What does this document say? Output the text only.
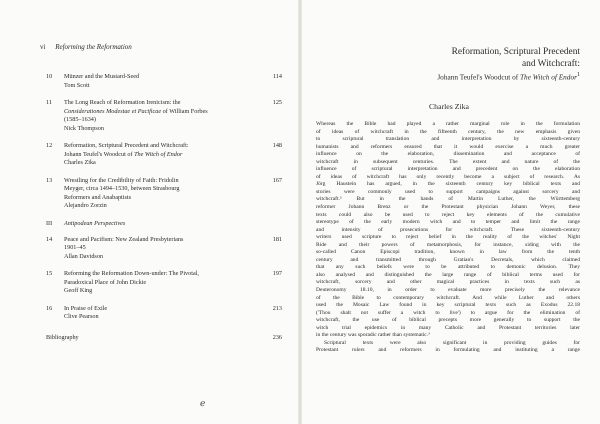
vi Reforming the Reformation
10 Münzer and the Mustard-Seed
Tom Scott
114
11 The Long Reach of Reformation Irenicism: the
Considerationes Modestae et Pacificae of William Forbes
(1585–1634)
Nick Thompson
125
12 Reformation, Scriptural Precedent and Witchcraft:
Johann Teufel's Woodcut of The Witch of Endor
Charles Zika
148
13 Wrestling for the Credibility of Faith: Fridolin
Meyger, circa 1494–1530, between Strasbourg
Reformers and Anabaptists
Alejandro Zorzin
167
III Antipodean Perspectives
14 Peace and Pacifism: New Zealand Presbyterians
1901–45
Allan Davidson
181
15 Reforming the Reformation Down-under: The Pivotal,
Paradoxical Place of John Dickie
Geoff King
197
16 In Praise of Exile
Clive Pearson
213
Bibliography	236
ℯ
Reformation, Scriptural Precedent
and Witchcraft:
Johann Teufel's Woodcut of The Witch of Endor$^1$
Charles Zika

Whereas the Bible had played a rather marginal role in the formulation
of ideas of witchcraft in the fifteenth century, the new emphasis given
to scriptural translation and interpretation by sixteenth-century
humanists and reformers ensured that it would exercise a much greater
influence on the elaboration, dissemination and acceptance of
witchcraft in subsequent centuries. The extent and nature of the
influence of scriptural interpretation and precedent on the elaboration
of ideas of witchcraft has only recently become a subject of research. As
Jörg Haustein has argued, in the sixteenth century key biblical texts and
stories were commonly used to support campaigns against sorcery and
witchcraft.² But in the hands of Martin Luther, the Württemberg
reformer Johann Brenz or the Protestant physician Johann Weyer, these
texts could also be used to reject key elements of the cumulative
stereotype of the early modern witch and to temper and limit the range
and intensity of prosecutions for witchcraft. These sixteenth-century
writers used scripture to reject belief in the reality of the witches' Night
Ride and their powers of metamorphosis, for instance, siding with the
so-called Canon Episcopi tradition, known in law from the tenth
century and transmitted through Gratian's Decretals, which claimed
that any such beliefs were to be attributed to demonic delusion. They
also analysed and distinguished the large range of biblical terms used for
witchcraft, sorcery and other magical practices in texts such as
Deuteronomy 18.10, in order to evaluate more precisely the relevance
of the Bible to contemporary witchcraft. And while Luther and others
used the Mosaic Law found in key scriptural texts such as Exodus 22.18
('Thou shalt not suffer a witch to live') to argue for the elimination of
witchcraft, the use of biblical precepts more generally to support the
witch trial epidemics in many Catholic and Protestant territories later
in the century was sporadic rather than systematic.³

Scriptural texts were also significant in providing guides for
Protestant rulers and reformers in formulating and instituting a range
